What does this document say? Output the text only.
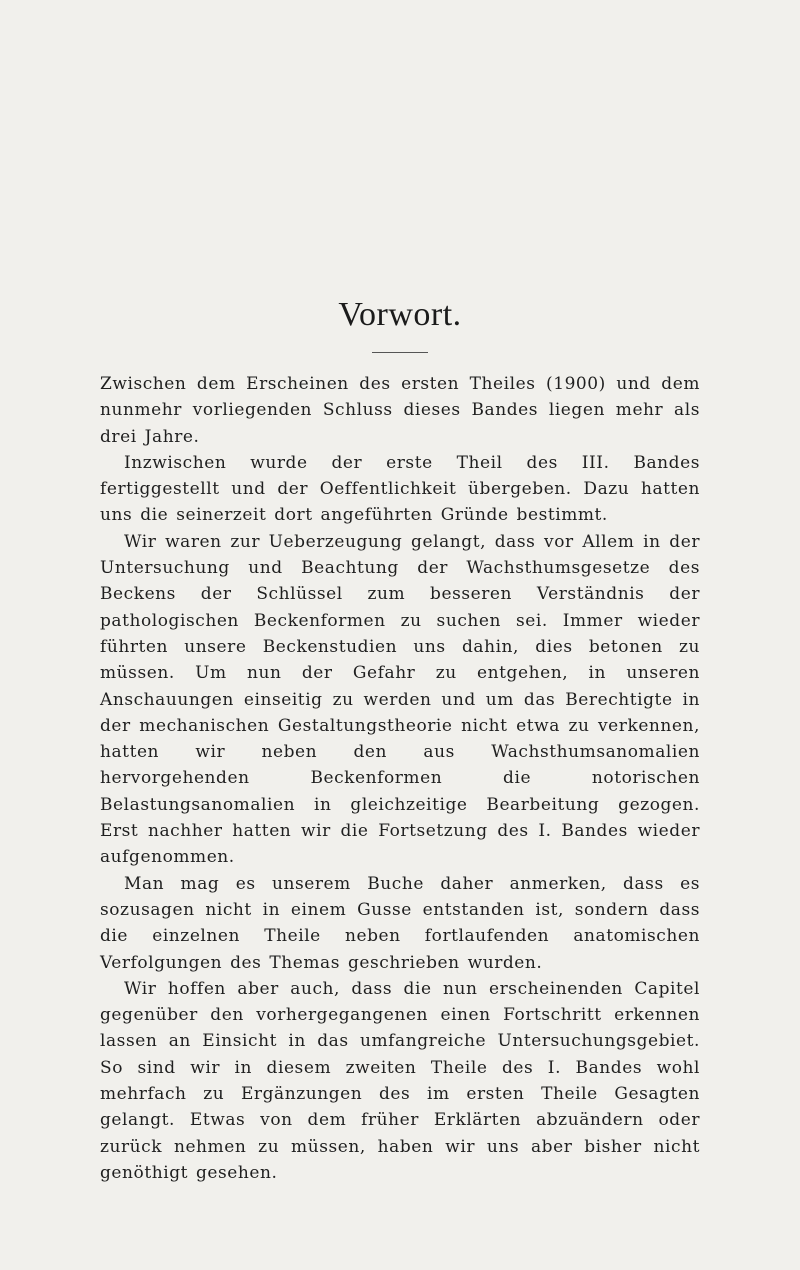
Vorwort.

Zwischen dem Erscheinen des ersten Theiles (1900) und dem nunmehr vorliegenden Schluss dieses Bandes liegen mehr als drei Jahre.

Inzwischen wurde der erste Theil des III. Bandes fertiggestellt und der Oeffentlichkeit übergeben. Dazu hatten uns die seinerzeit dort angeführten Gründe bestimmt.

Wir waren zur Ueberzeugung gelangt, dass vor Allem in der Untersuchung und Beachtung der Wachsthumsgesetze des Beckens der Schlüssel zum besseren Verständnis der pathologischen Beckenformen zu suchen sei. Immer wieder führten unsere Beckenstudien uns dahin, dies betonen zu müssen. Um nun der Gefahr zu entgehen, in unseren Anschauungen einseitig zu werden und um das Berechtigte in der mechanischen Gestaltungstheorie nicht etwa zu verkennen, hatten wir neben den aus Wachsthumsanomalien hervorgehenden Beckenformen die notorischen Belastungsanomalien in gleichzeitige Bearbeitung gezogen. Erst nachher hatten wir die Fortsetzung des I. Bandes wieder aufgenommen.

Man mag es unserem Buche daher anmerken, dass es sozusagen nicht in einem Gusse entstanden ist, sondern dass die einzelnen Theile neben fortlaufenden anatomischen Verfolgungen des Themas geschrieben wurden.

Wir hoffen aber auch, dass die nun erscheinenden Capitel gegenüber den vorhergegangenen einen Fortschritt erkennen lassen an Einsicht in das umfangreiche Untersuchungsgebiet. So sind wir in diesem zweiten Theile des I. Bandes wohl mehrfach zu Ergänzungen des im ersten Theile Gesagten gelangt. Etwas von dem früher Erklärten abzuändern oder zurück nehmen zu müssen, haben wir uns aber bisher nicht genöthigt gesehen.
